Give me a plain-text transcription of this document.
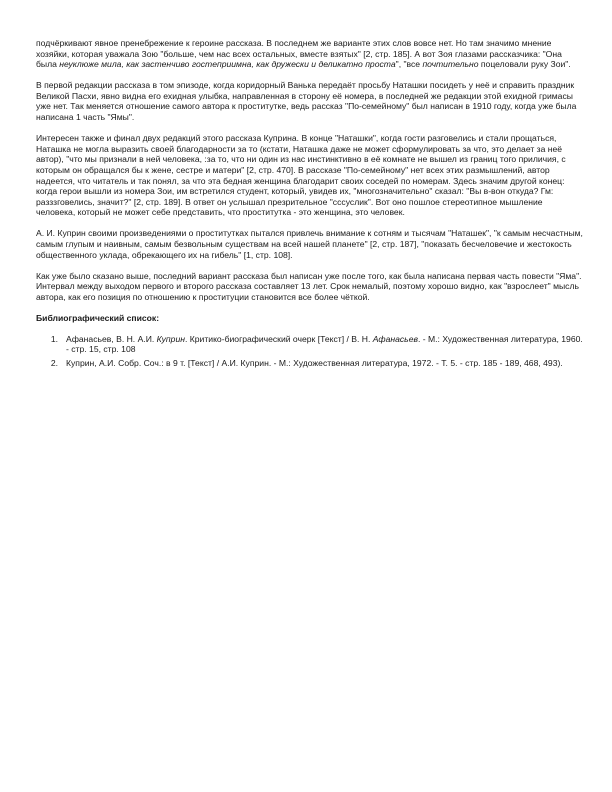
подчёркивают явное пренебрежение к героине рассказа. В последнем же варианте этих слов вовсе нет. Но там значимо мнение хозяйки, которая уважала Зою "больше, чем нас всех остальных, вместе взятых" [2, стр. 185]. А вот Зоя глазами рассказчика: "Она была неуклюже мила, как застенчиво гостеприимна, как дружески и деликатно проста", "все почтительно поцеловали руку Зои".

В первой редакции рассказа в том эпизоде, когда коридорный Ванька передаёт просьбу Наташки посидеть у неё и справить праздник Великой Пасхи, явно видна его ехидная улыбка, направленная в сторону её номера, в последней же редакции этой ехидной гримасы уже нет. Так меняется отношение самого автора к проститутке, ведь рассказ "По-семейному" был написан в 1910 году, когда уже была написана 1 часть "Ямы".

Интересен также и финал двух редакций этого рассказа Куприна. В конце "Наташки", когда гости разговелись и стали прощаться, Наташка не могла выразить своей благодарности за то (кстати, Наташка даже не может сформулировать за что, это делает за неё автор), "что мы признали в ней человека, :за то, что ни один из нас инстинктивно в её комнате не вышел из границ того приличия, с которым он обращался бы к жене, сестре и матери" [2, стр. 470]. В рассказе "По-семейному" нет всех этих размышлений, автор надеется, что читатель и так понял, за что эта бедная женщина благодарит своих соседей по номерам. Здесь значим другой конец: когда герои вышли из номера Зои, им встретился студент, который, увидев их, "многозначительно" сказал: "Вы в-вон откуда? Гм: разззговелись, значит?" [2, стр. 189]. В ответ он услышал презрительное "сссуслик". Вот оно пошлое стереотипное мышление человека, который не может себе представить, что проститутка - это женщина, это человек.

А. И. Куприн своими произведениями о проститутках пытался привлечь внимание к сотням и тысячам "Наташек", "к самым несчастным, самым глупым и наивным, самым безвольным существам на всей нашей планете" [2, стр. 187], "показать бесчеловечие и жестокость общественного уклада, обрекающего их на гибель" [1, стр. 108].

Как уже было сказано выше, последний вариант рассказа был написан уже после того, как была написана первая часть повести "Яма". Интервал между выходом первого и второго рассказа составляет 13 лет. Срок немалый, поэтому хорошо видно, как "взрослеет" мысль автора, как его позиция по отношению к проституции становится все более чёткой.

Библиографический список:
1. Афанасьев, В. Н. А.И. Куприн. Критико-биографический очерк [Текст] / В. Н. Афанасьев. - М.: Художественная литература, 1960. - стр. 15, стр. 108
2. Куприн, А.И. Собр. Соч.: в 9 т. [Текст] / А.И. Куприн. - М.: Художественная литература, 1972. - Т. 5. - стр. 185 - 189, 468, 493).
